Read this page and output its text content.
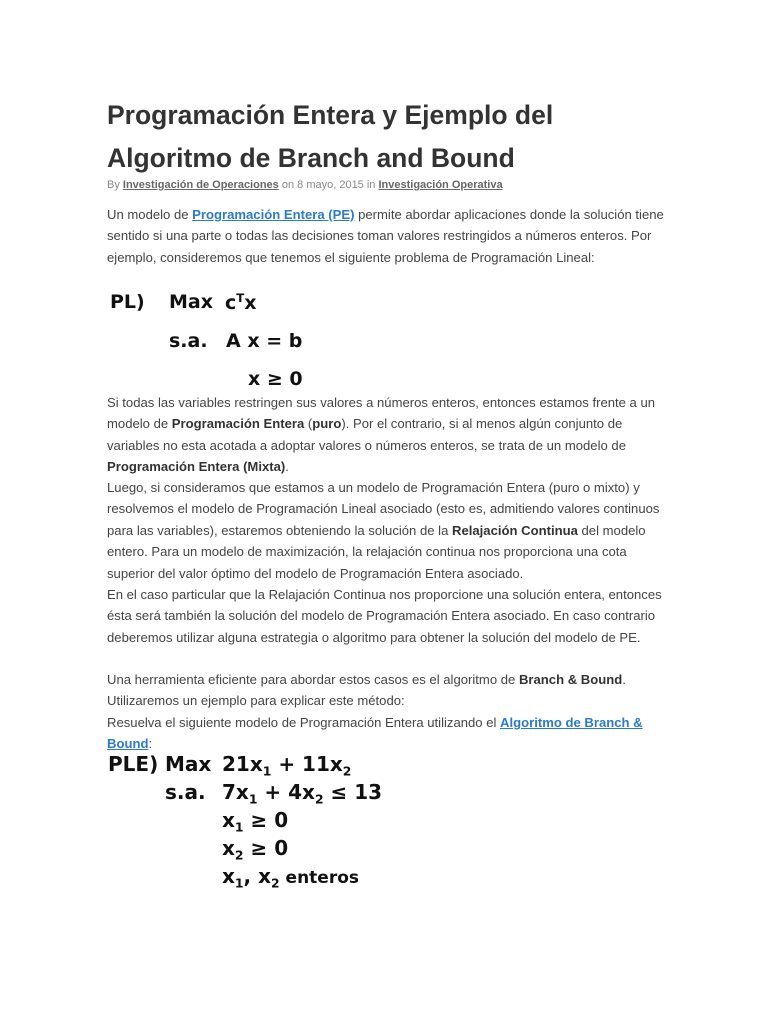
Programación Entera y Ejemplo del Algoritmo de Branch and Bound
By Investigación de Operaciones on 8 mayo, 2015 in Investigación Operativa

Un modelo de Programación Entera (PE) permite abordar aplicaciones donde la solución tiene sentido si una parte o todas las decisiones toman valores restringidos a números enteros. Por ejemplo, consideremos que tenemos el siguiente problema de Programación Lineal:

PL) Max $c^Tx$
s.a. A x = b
x ≥ 0

Si todas las variables restringen sus valores a números enteros, entonces estamos frente a un modelo de Programación Entera (puro). Por el contrario, si al menos algún conjunto de variables no esta acotada a adoptar valores o números enteros, se trata de un modelo de Programación Entera (Mixta).

Luego, si consideramos que estamos a un modelo de Programación Entera (puro o mixto) y resolvemos el modelo de Programación Lineal asociado (esto es, admitiendo valores continuos para las variables), estaremos obteniendo la solución de la Relajación Continua del modelo entero. Para un modelo de maximización, la relajación continua nos proporciona una cota superior del valor óptimo del modelo de Programación Entera asociado.

En el caso particular que la Relajación Continua nos proporcione una solución entera, entonces ésta será también la solución del modelo de Programación Entera asociado. En caso contrario deberemos utilizar alguna estrategia o algoritmo para obtener la solución del modelo de PE.

Una herramienta eficiente para abordar estos casos es el algoritmo de Branch & Bound. Utilizaremos un ejemplo para explicar este método:

Resuelva el siguiente modelo de Programación Entera utilizando el Algoritmo de Branch & Bound:

PLE) Max $21x_1 + 11x_2$
s.a. $7x_1 + 4x_2 \le 13$
$x_1 \ge 0$
$x_2 \ge 0$
$x_1$, $x_2$ enteros
